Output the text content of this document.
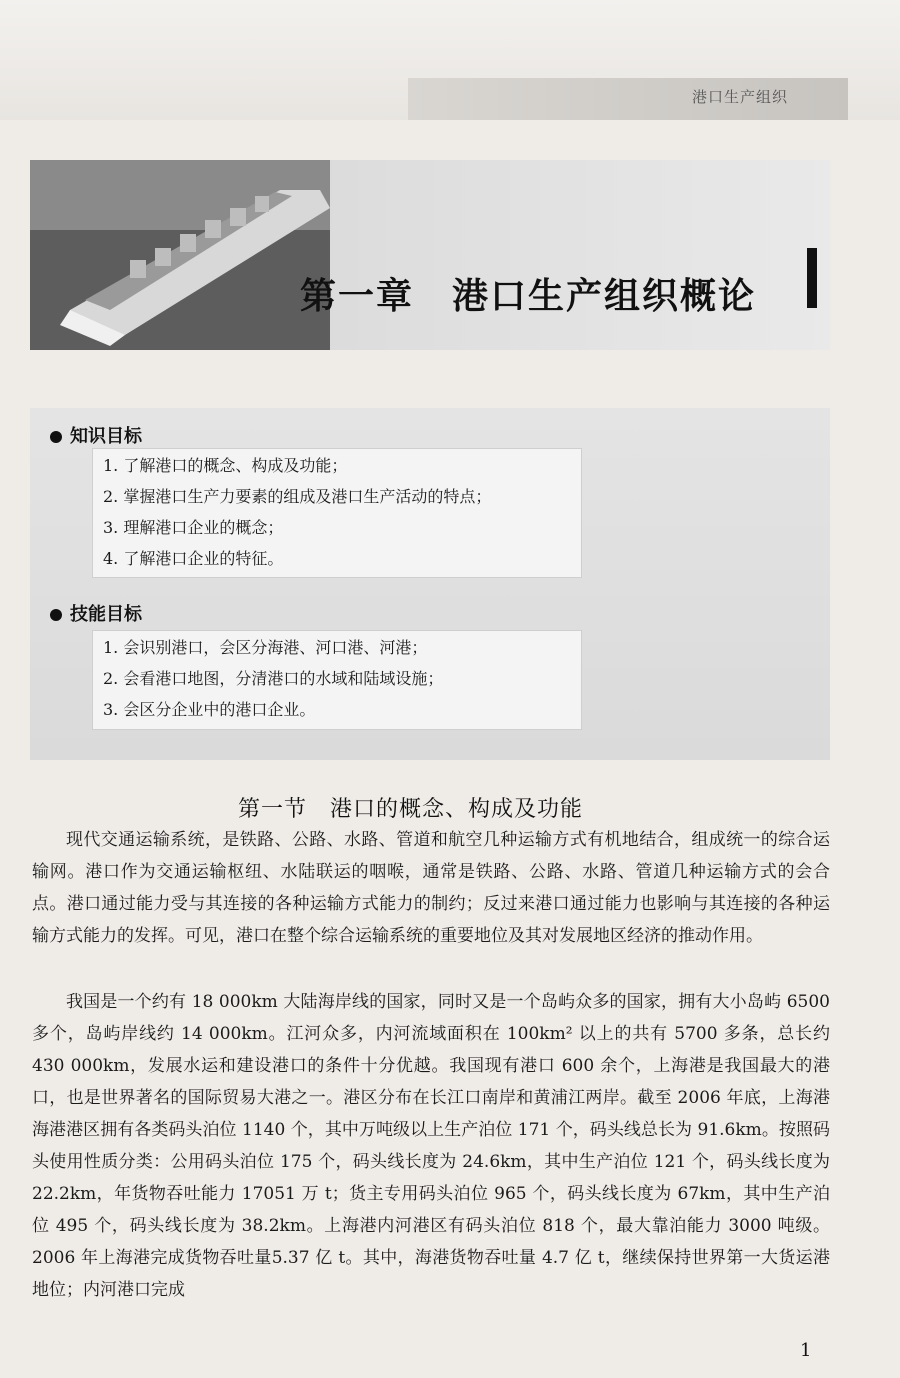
港口生产组织
第一章　港口生产组织概论
知识目标
1. 了解港口的概念、构成及功能；
2. 掌握港口生产力要素的组成及港口生产活动的特点；
3. 理解港口企业的概念；
4. 了解港口企业的特征。
技能目标
1. 会识别港口，会区分海港、河口港、河港；
2. 会看港口地图，分清港口的水域和陆域设施；
3. 会区分企业中的港口企业。
第一节　港口的概念、构成及功能

现代交通运输系统，是铁路、公路、水路、管道和航空几种运输方式有机地结合，组成统一的综合运输网。港口作为交通运输枢纽、水陆联运的咽喉，通常是铁路、公路、水路、管道几种运输方式的会合点。港口通过能力受与其连接的各种运输方式能力的制约；反过来港口通过能力也影响与其连接的各种运输方式能力的发挥。可见，港口在整个综合运输系统的重要地位及其对发展地区经济的推动作用。

我国是一个约有 18 000km 大陆海岸线的国家，同时又是一个岛屿众多的国家，拥有大小岛屿 6500 多个，岛屿岸线约 14 000km。江河众多，内河流域面积在 100km² 以上的共有 5700 多条，总长约 430 000km，发展水运和建设港口的条件十分优越。我国现有港口 600 余个，上海港是我国最大的港口，也是世界著名的国际贸易大港之一。港区分布在长江口南岸和黄浦江两岸。截至 2006 年底，上海港海港港区拥有各类码头泊位 1140 个，其中万吨级以上生产泊位 171 个，码头线总长为 91.6km。按照码头使用性质分类：公用码头泊位 175 个，码头线长度为 24.6km，其中生产泊位 121 个，码头线长度为 22.2km，年货物吞吐能力 17051 万 t；货主专用码头泊位 965 个，码头线长度为 67km，其中生产泊位 495 个，码头线长度为 38.2km。上海港内河港区有码头泊位 818 个，最大靠泊能力 3000 吨级。2006 年上海港完成货物吞吐量5.37 亿 t。其中，海港货物吞吐量 4.7 亿 t，继续保持世界第一大货运港地位；内河港口完成

1
